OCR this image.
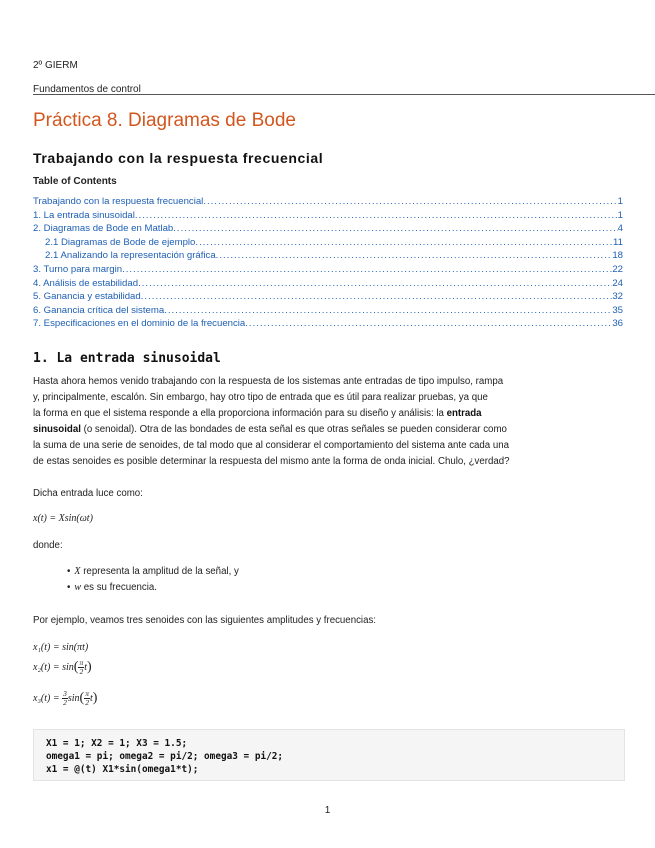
2º GIERM
Fundamentos de control
Práctica 8. Diagramas de Bode
Trabajando con la respuesta frecuencial
Table of Contents
Trabajando con la respuesta frecuencial .....	1
1. La entrada sinusoidal .....	1
2. Diagramas de Bode en Matlab .....	4
2.1 Diagramas de Bode de ejemplo .....	11
2.1 Analizando la representación gráfica .....	18
3. Turno para margin .....	22
4. Análisis de estabilidad .....	24
5. Ganancia y estabilidad .....	32
6. Ganancia crítica del sistema .....	35
7. Especificaciones en el dominio de la frecuencia .....	36
1. La entrada sinusoidal
Hasta ahora hemos venido trabajando con la respuesta de los sistemas ante entradas de tipo impulso, rampa
y, principalmente, escalón. Sin embargo, hay otro tipo de entrada que es útil para realizar pruebas, ya que
la forma en que el sistema responde a ella proporciona información para su diseño y análisis: la entrada
sinusoidal (o senoidal). Otra de las bondades de esta señal es que otras señales se pueden considerar como
la suma de una serie de senoides, de tal modo que al considerar el comportamiento del sistema ante cada una
de estas senoides es posible determinar la respuesta del mismo ante la forma de onda inicial. Chulo, ¿verdad?
Dicha entrada luce como:
x(t) = Xsin(ωt)
donde:
• X representa la amplitud de la señal, y
• w es su frecuencia.
Por ejemplo, veamos tres senoides con las siguientes amplitudes y frecuencias:
x₁(t) = sin(πt)
$x_2(t) = \sin( \frac{\pi}{2} t)$
$x_3(t) = \frac{3}{2} \sin( \frac{\pi}{2} t)$
X1 = 1; X2 = 1; X3 = 1.5;
omega1 = pi; omega2 = pi/2; omega3 = pi/2;
x1 = @(t) X1*sin(omega1*t);
1
